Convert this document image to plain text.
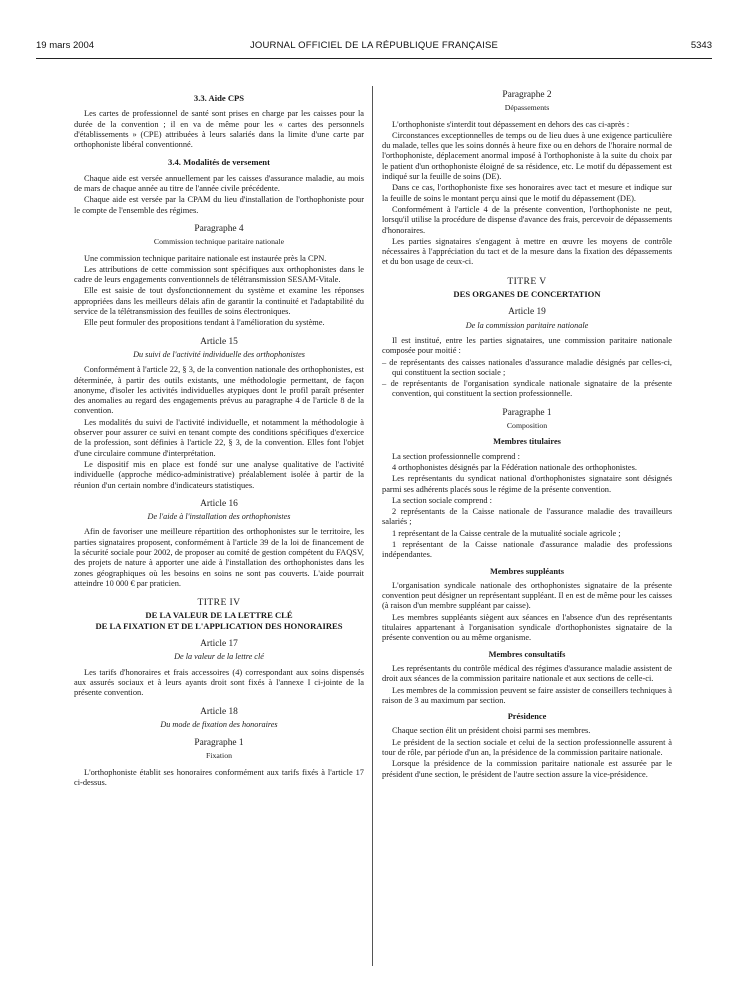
19 mars 2004	JOURNAL OFFICIEL DE LA RÉPUBLIQUE FRANÇAISE	5343
3.3. Aide CPS

Les cartes de professionnel de santé sont prises en charge par les caisses pour la durée de la convention ; il en va de même pour les « cartes des personnels d'établissements » (CPE) attribuées à leurs salariés dans la limite d'une carte par orthophoniste libéral conventionné.

3.4. Modalités de versement

Chaque aide est versée annuellement par les caisses d'assurance maladie, au mois de mars de chaque année au titre de l'année civile précédente.

Chaque aide est versée par la CPAM du lieu d'installation de l'orthophoniste pour le compte de l'ensemble des régimes.

Paragraphe 4
Commission technique paritaire nationale

Une commission technique paritaire nationale est instaurée près la CPN.

Les attributions de cette commission sont spécifiques aux orthophonistes dans le cadre de leurs engagements conventionnels de télétransmission SESAM-Vitale.

Elle est saisie de tout dysfonctionnement du système et examine les réponses appropriées dans les meilleurs délais afin de garantir la continuité et l'adaptabilité du service de la télétransmission des feuilles de soins électroniques.

Elle peut formuler des propositions tendant à l'amélioration du système.

Article 15
Du suivi de l'activité individuelle des orthophonistes

Conformément à l'article 22, § 3, de la convention nationale des orthophonistes, est déterminée, à partir des outils existants, une méthodologie permettant, de façon anonyme, d'isoler les activités individuelles atypiques dont le profil paraît présenter des anomalies au regard des engagements prévus au paragraphe 4 de l'article 8 de la convention.

Les modalités du suivi de l'activité individuelle, et notamment la méthodologie à observer pour assurer ce suivi en tenant compte des conditions spécifiques d'exercice de la profession, sont définies à l'article 22, § 3, de la convention. Elles font l'objet d'une circulaire commune d'interprétation.

Le dispositif mis en place est fondé sur une analyse qualitative de l'activité individuelle (approche médico-administrative) préalablement isolée à partir de la réunion d'un certain nombre d'indicateurs statistiques.

Article 16
De l'aide à l'installation des orthophonistes

Afin de favoriser une meilleure répartition des orthophonistes sur le territoire, les parties signataires proposent, conformément à l'article 39 de la loi de financement de la sécurité sociale pour 2002, de proposer au comité de gestion compétent du FAQSV, des projets de nature à apporter une aide à l'installation des orthophonistes dans les zones géographiques où les besoins en soins ne sont pas couverts. L'aide pourrait atteindre 10 000 € par praticien.

TITRE IV
DE LA VALEUR DE LA LETTRE CLÉ
DE LA FIXATION ET DE L'APPLICATION DES HONORAIRES
Article 17
De la valeur de la lettre clé

Les tarifs d'honoraires et frais accessoires (4) correspondant aux soins dispensés aux assurés sociaux et à leurs ayants droit sont fixés à l'annexe I ci-jointe de la présente convention.

Article 18
Du mode de fixation des honoraires
Paragraphe 1
Fixation

L'orthophoniste établit ses honoraires conformément aux tarifs fixés à l'article 17 ci-dessus.

Paragraphe 2
Dépassements

L'orthophoniste s'interdit tout dépassement en dehors des cas ci-après :

Circonstances exceptionnelles de temps ou de lieu dues à une exigence particulière du malade, telles que les soins donnés à heure fixe ou en dehors de l'horaire normal de l'orthophoniste, déplacement anormal imposé à l'orthophoniste à la suite du choix par le patient d'un orthophoniste éloigné de sa résidence, etc. Le motif du dépassement est indiqué sur la feuille de soins (DE).

Dans ce cas, l'orthophoniste fixe ses honoraires avec tact et mesure et indique sur la feuille de soins le montant perçu ainsi que le motif du dépassement (DE).

Conformément à l'article 4 de la présente convention, l'orthophoniste ne peut, lorsqu'il utilise la procédure de dispense d'avance des frais, percevoir de dépassements d'honoraires.

Les parties signataires s'engagent à mettre en œuvre les moyens de contrôle nécessaires à l'appréciation du tact et de la mesure dans la fixation des dépassements et du bon usage de ceux-ci.

TITRE V
DES ORGANES DE CONCERTATION
Article 19
De la commission paritaire nationale

Il est institué, entre les parties signataires, une commission paritaire nationale composée pour moitié :

– de représentants des caisses nationales d'assurance maladie désignés par celles-ci, qui constituent la section sociale ;

– de représentants de l'organisation syndicale nationale signataire de la présente convention, qui constituent la section professionnelle.

Paragraphe 1
Composition
Membres titulaires

La section professionnelle comprend :

4 orthophonistes désignés par la Fédération nationale des orthophonistes.

Les représentants du syndicat national d'orthophonistes signataire sont désignés parmi ses adhérents placés sous le régime de la présente convention.

La section sociale comprend :

2 représentants de la Caisse nationale de l'assurance maladie des travailleurs salariés ;

1 représentant de la Caisse centrale de la mutualité sociale agricole ;

1 représentant de la Caisse nationale d'assurance maladie des professions indépendantes.

Membres suppléants

L'organisation syndicale nationale des orthophonistes signataire de la présente convention peut désigner un représentant suppléant. Il en est de même pour les caisses (à raison d'un membre suppléant par caisse).

Les membres suppléants siègent aux séances en l'absence d'un des représentants titulaires appartenant à l'organisation syndicale d'orthophonistes signataire de la présente convention ou au même organisme.

Membres consultatifs

Les représentants du contrôle médical des régimes d'assurance maladie assistent de droit aux séances de la commission paritaire nationale et aux sections de celle-ci.

Les membres de la commission peuvent se faire assister de conseillers techniques à raison de 3 au maximum par section.

Présidence

Chaque section élit un président choisi parmi ses membres.

Le président de la section sociale et celui de la section professionnelle assurent à tour de rôle, par période d'un an, la présidence de la commission paritaire nationale.

Lorsque la présidence de la commission paritaire nationale est assurée par le président d'une section, le président de l'autre section assure la vice-présidence.
